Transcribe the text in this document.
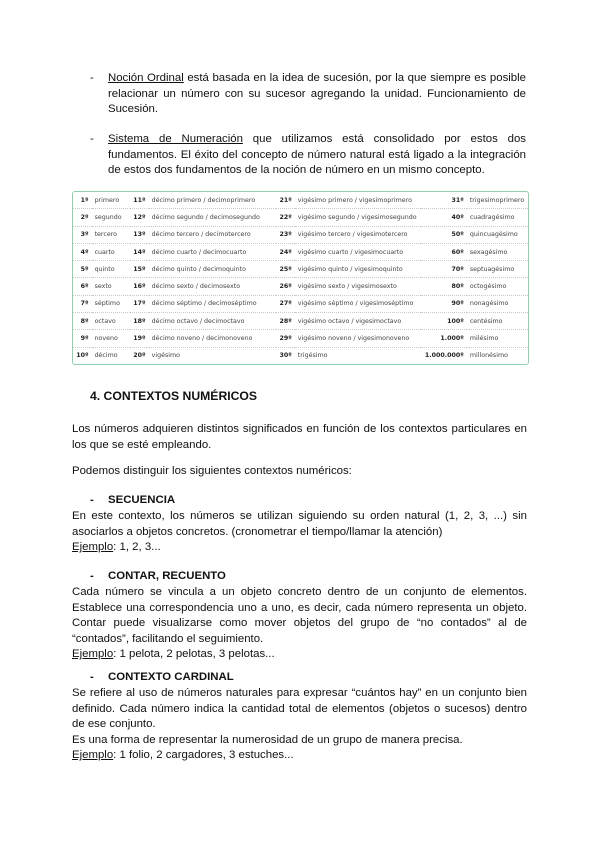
- Noción Ordinal está basada en la idea de sucesión, por la que siempre es posible relacionar un número con su sucesor agregando la unidad. Funcionamiento de Sucesión.
- Sistema de Numeración que utilizamos está consolidado por estos dos fundamentos. El éxito del concepto de número natural está ligado a la integración de estos dos fundamentos de la noción de número en un mismo concepto.
1º	primero	11º	décimo primero / decimoprimero	21º	vigésimo primero / vigesimoprimero	31º	trigesimoprimero
2º	segundo	12º	décimo segundo / decimosegundo	22º	vigésimo segundo / vigesimosegundo	40º	cuadragésimo
3º	tercero	13º	décimo tercero / decimotercero	23º	vigésimo tercero / vigesimotercero	50º	quincuagésimo
4º	cuarto	14º	décimo cuarto / decimocuarto	24º	vigésimo cuarto / vigesimocuarto	60º	sexagésimo
5º	quinto	15º	décimo quinto / decimoquinto	25º	vigésimo quinto / vigesimoquinto	70º	septuagésimo
6º	sexto	16º	décimo sexto / decimosexto	26º	vigésimo sexto / vigesimosexto	80º	octogésimo
7º	séptimo	17º	décimo séptimo / decimoséptimo	27º	vigésimo séptimo / vigesimoséptimo	90º	nonagésimo
8º	octavo	18º	décimo octavo / decimoctavo	28º	vigésimo octavo / vigesimoctavo	100º	centésimo
9º	noveno	19º	décimo noveno / decimonoveno	29º	vigésimo noveno / vigesimonoveno	1.000º	milésimo
10º	décimo	20º	vigésimo	30º	trigésimo	1.000.000º	millonésimo
4. CONTEXTOS NUMÉRICOS
Los números adquieren distintos significados en función de los contextos particulares en los que se esté empleando.
Podemos distinguir los siguientes contextos numéricos:
- SECUENCIA
En este contexto, los números se utilizan siguiendo su orden natural (1, 2, 3, ...) sin asociarlos a objetos concretos. (cronometrar el tiempo/llamar la atención)
Ejemplo: 1, 2, 3...
- CONTAR, RECUENTO
Cada número se vincula a un objeto concreto dentro de un conjunto de elementos. Establece una correspondencia uno a uno, es decir, cada número representa un objeto. Contar puede visualizarse como mover objetos del grupo de “no contados” al de “contados”, facilitando el seguimiento.
Ejemplo: 1 pelota, 2 pelotas, 3 pelotas...
- CONTEXTO CARDINAL
Se refiere al uso de números naturales para expresar “cuántos hay” en un conjunto bien definido. Cada número indica la cantidad total de elementos (objetos o sucesos) dentro de ese conjunto.
Es una forma de representar la numerosidad de un grupo de manera precisa.
Ejemplo: 1 folio, 2 cargadores, 3 estuches...
